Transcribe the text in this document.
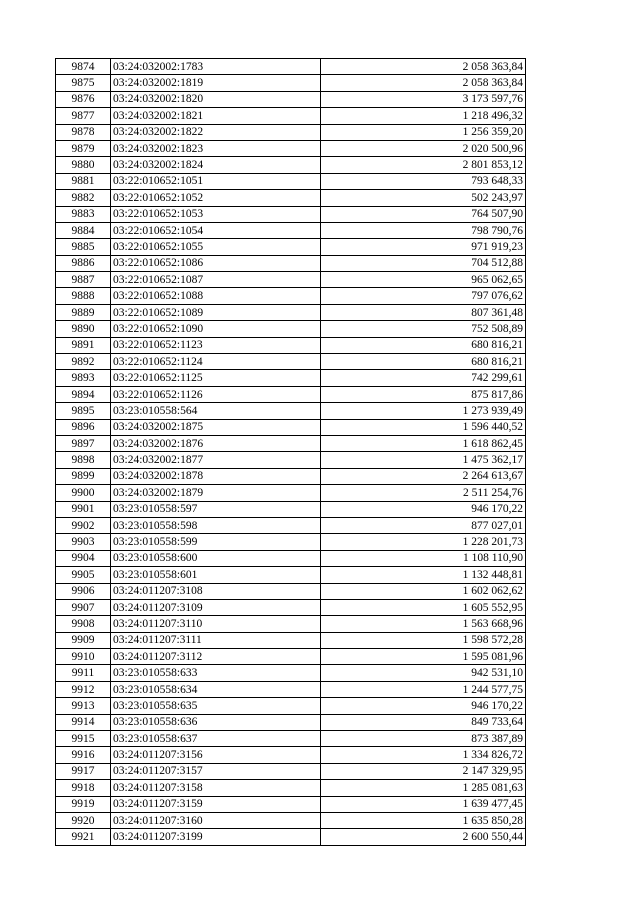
9874	03:24:032002:1783	2 058 363,84
9875	03:24:032002:1819	2 058 363,84
9876	03:24:032002:1820	3 173 597,76
9877	03:24:032002:1821	1 218 496,32
9878	03:24:032002:1822	1 256 359,20
9879	03:24:032002:1823	2 020 500,96
9880	03:24:032002:1824	2 801 853,12
9881	03:22:010652:1051	793 648,33
9882	03:22:010652:1052	502 243,97
9883	03:22:010652:1053	764 507,90
9884	03:22:010652:1054	798 790,76
9885	03:22:010652:1055	971 919,23
9886	03:22:010652:1086	704 512,88
9887	03:22:010652:1087	965 062,65
9888	03:22:010652:1088	797 076,62
9889	03:22:010652:1089	807 361,48
9890	03:22:010652:1090	752 508,89
9891	03:22:010652:1123	680 816,21
9892	03:22:010652:1124	680 816,21
9893	03:22:010652:1125	742 299,61
9894	03:22:010652:1126	875 817,86
9895	03:23:010558:564	1 273 939,49
9896	03:24:032002:1875	1 596 440,52
9897	03:24:032002:1876	1 618 862,45
9898	03:24:032002:1877	1 475 362,17
9899	03:24:032002:1878	2 264 613,67
9900	03:24:032002:1879	2 511 254,76
9901	03:23:010558:597	946 170,22
9902	03:23:010558:598	877 027,01
9903	03:23:010558:599	1 228 201,73
9904	03:23:010558:600	1 108 110,90
9905	03:23:010558:601	1 132 448,81
9906	03:24:011207:3108	1 602 062,62
9907	03:24:011207:3109	1 605 552,95
9908	03:24:011207:3110	1 563 668,96
9909	03:24:011207:3111	1 598 572,28
9910	03:24:011207:3112	1 595 081,96
9911	03:23:010558:633	942 531,10
9912	03:23:010558:634	1 244 577,75
9913	03:23:010558:635	946 170,22
9914	03:23:010558:636	849 733,64
9915	03:23:010558:637	873 387,89
9916	03:24:011207:3156	1 334 826,72
9917	03:24:011207:3157	2 147 329,95
9918	03:24:011207:3158	1 285 081,63
9919	03:24:011207:3159	1 639 477,45
9920	03:24:011207:3160	1 635 850,28
9921	03:24:011207:3199	2 600 550,44
